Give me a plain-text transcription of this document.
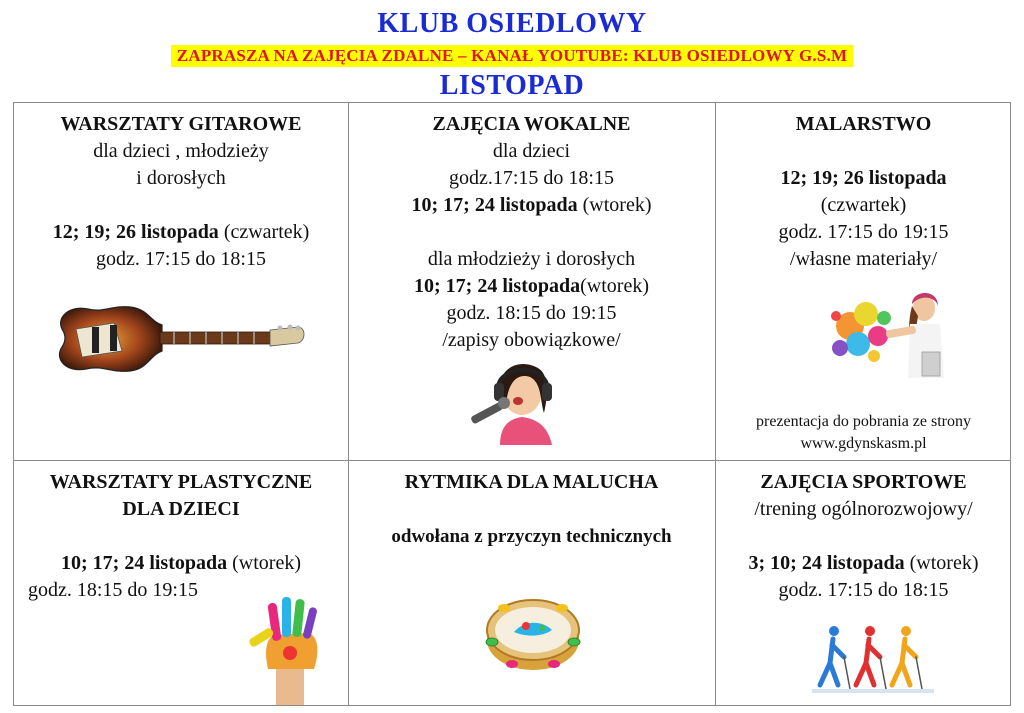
KLUB OSIEDLOWY
ZAPRASZA NA ZAJĘCIA ZDALNE – KANAŁ YOUTUBE: KLUB OSIEDLOWY G.S.M
LISTOPAD
WARSZTATY GITAROWE
dla dzieci , młodzieży
i dorosłych
12; 19; 26 listopada (czwartek)
godz. 17:15 do 18:15
ZAJĘCIA WOKALNE
dla dzieci
godz.17:15 do 18:15
10; 17; 24 listopada (wtorek)
dla młodzieży i dorosłych
10; 17; 24 listopada(wtorek)
godz. 18:15 do 19:15
/zapisy obowiązkowe/
MALARSTWO
12; 19; 26 listopada
(czwartek)
godz. 17:15 do 19:15
/własne materiały/
prezentacja do pobrania ze strony
www.gdynskasm.pl
WARSZTATY PLASTYCZNE
DLA DZIECI
10; 17; 24 listopada (wtorek)
godz. 18:15 do 19:15
RYTMIKA DLA MALUCHA
odwołana z przyczyn technicznych
ZAJĘCIA SPORTOWE
/trening ogólnorozwojowy/
3; 10; 24 listopada (wtorek)
godz. 17:15 do 18:15
